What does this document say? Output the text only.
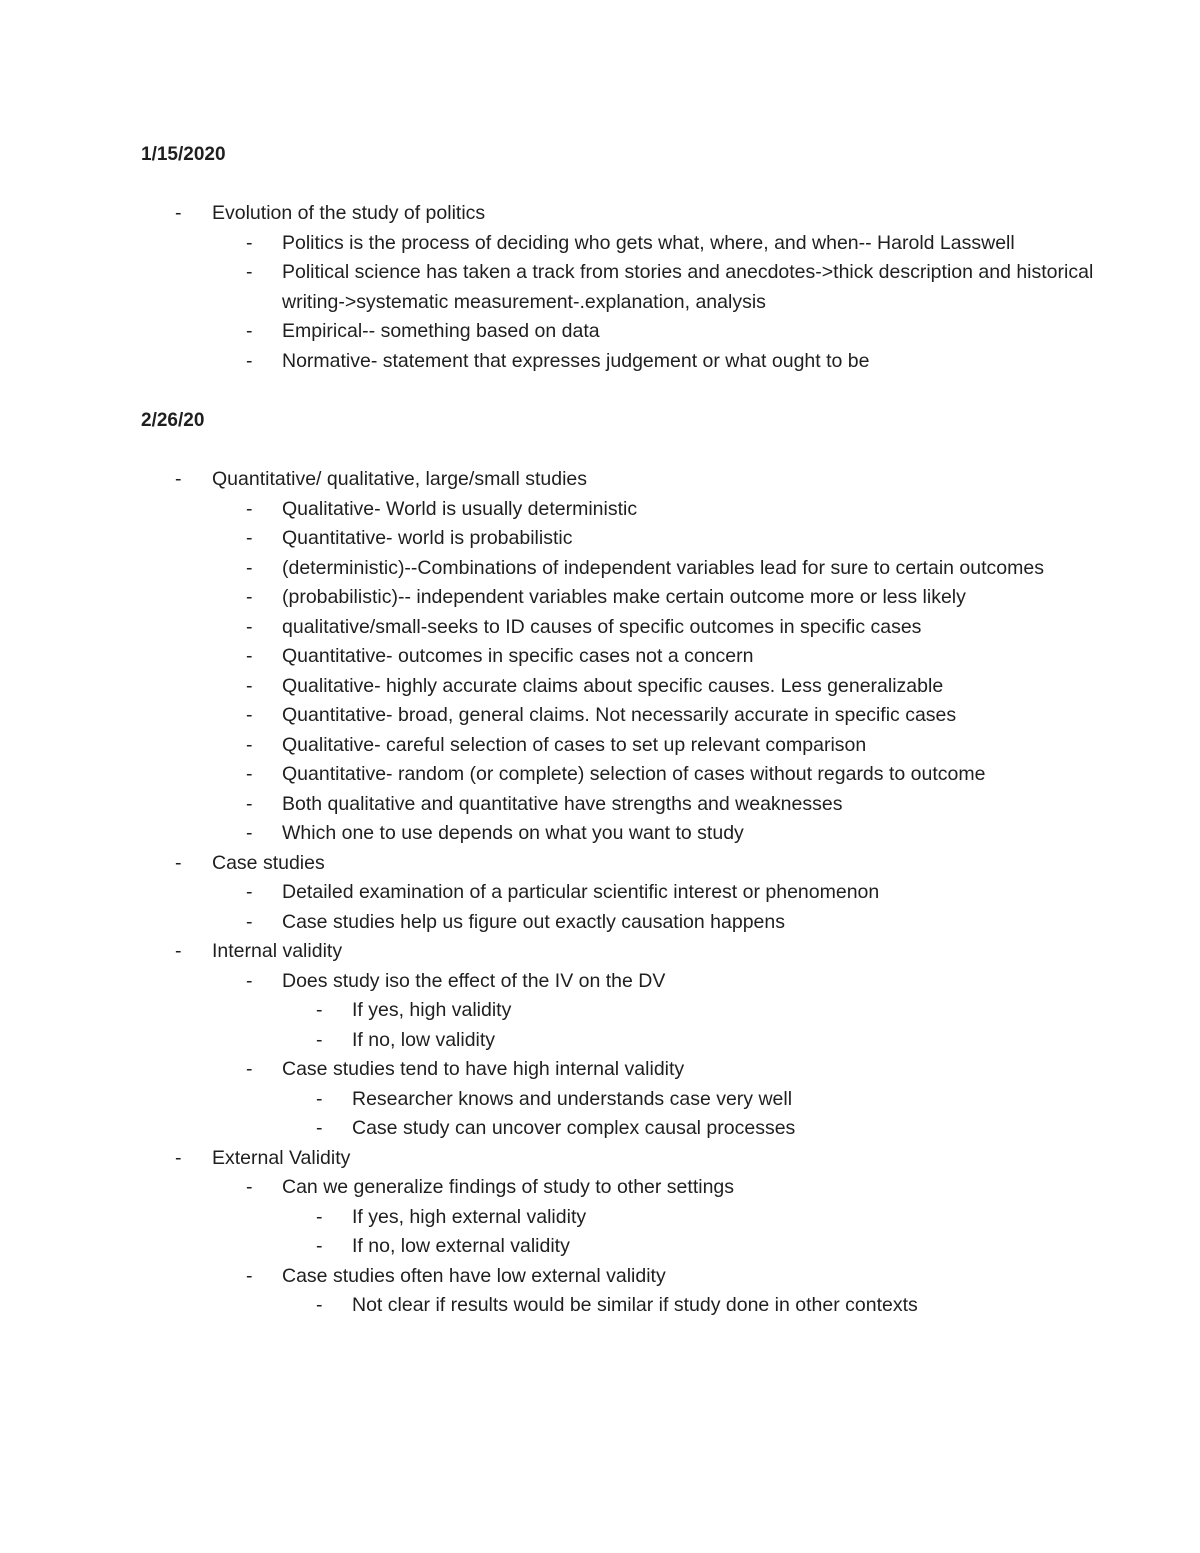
1/15/2020

-	Evolution of the study of politics
-	Politics is the process of deciding who gets what, where, and when-- Harold Lasswell
-	Political science has taken a track from stories and anecdotes->thick description and historical writing->systematic measurement-.explanation, analysis
-	Empirical-- something based on data
-	Normative- statement that expresses judgement or what ought to be

2/26/20

-	Quantitative/ qualitative, large/small studies
-	Qualitative- World is usually deterministic
-	Quantitative- world is probabilistic
-	(deterministic)--Combinations of independent variables lead for sure to certain outcomes
-	(probabilistic)-- independent variables make certain outcome more or less likely
-	qualitative/small-seeks to ID causes of specific outcomes in specific cases
-	Quantitative- outcomes in specific cases not a concern
-	Qualitative- highly accurate claims about specific causes. Less generalizable
-	Quantitative- broad, general claims. Not necessarily accurate in specific cases
-	Qualitative- careful selection of cases to set up relevant comparison
-	Quantitative- random (or complete) selection of cases without regards to outcome
-	Both qualitative and quantitative have strengths and weaknesses
-	Which one to use depends on what you want to study
-	Case studies
-	Detailed examination of a particular scientific interest or phenomenon
-	Case studies help us figure out exactly causation happens
-	Internal validity
-	Does study iso the effect of the IV on the DV
-	If yes, high validity
-	If no, low validity
-	Case studies tend to have high internal validity
-	Researcher knows and understands case very well
-	Case study can uncover complex causal processes
-	External Validity
-	Can we generalize findings of study to other settings
-	If yes, high external validity
-	If no, low external validity
-	Case studies often have low external validity
-	Not clear if results would be similar if study done in other contexts
